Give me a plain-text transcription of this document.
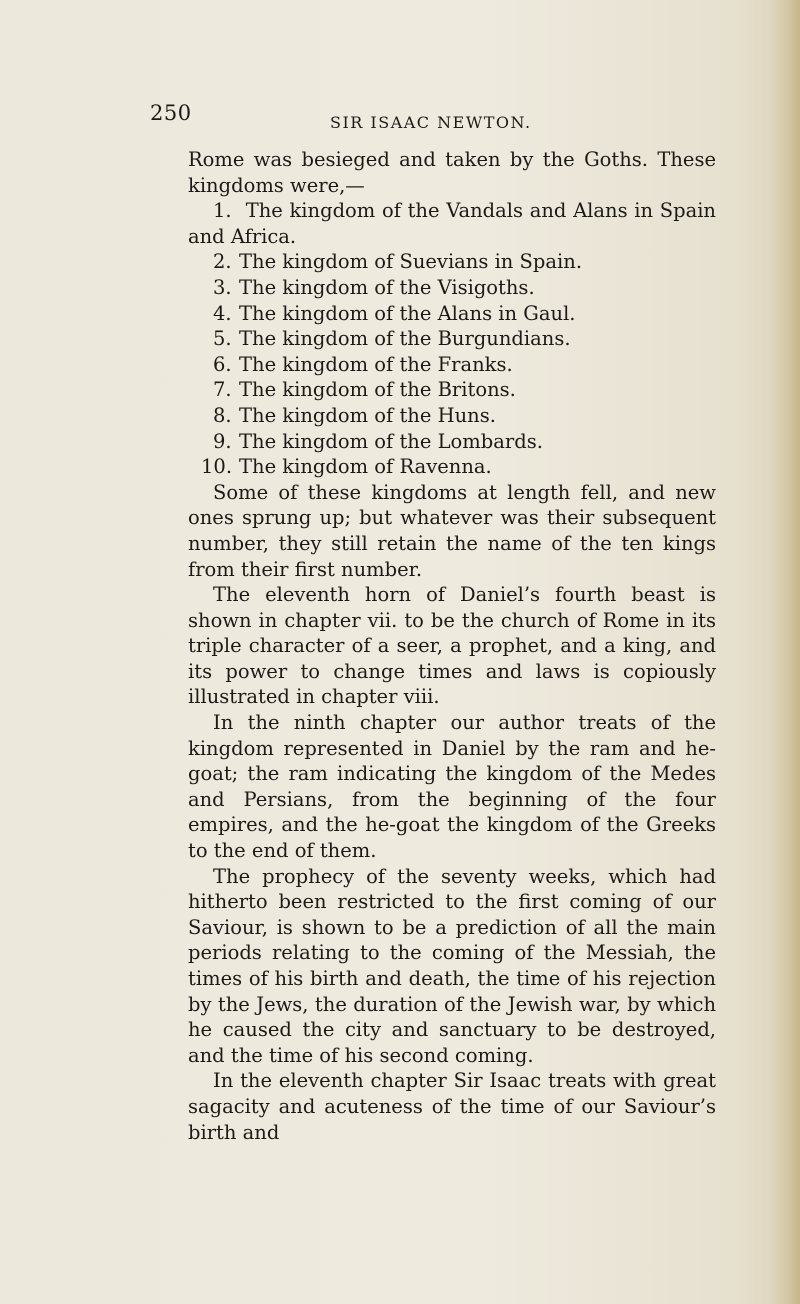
250	SIR ISAAC NEWTON.

Rome was besieged and taken by the Goths. These kingdoms were,—

1. The kingdom of the Vandals and Alans in Spain and Africa.
2. The kingdom of Suevians in Spain.
3. The kingdom of the Visigoths.
4. The kingdom of the Alans in Gaul.
5. The kingdom of the Burgundians.
6. The kingdom of the Franks.
7. The kingdom of the Britons.
8. The kingdom of the Huns.
9. The kingdom of the Lombards.
10. The kingdom of Ravenna.

Some of these kingdoms at length fell, and new ones sprung up; but whatever was their subsequent number, they still retain the name of the ten kings from their first number.

The eleventh horn of Daniel’s fourth beast is shown in chapter vii. to be the church of Rome in its triple character of a seer, a prophet, and a king, and its power to change times and laws is copiously illustrated in chapter viii.

In the ninth chapter our author treats of the kingdom represented in Daniel by the ram and he-goat; the ram indicating the kingdom of the Medes and Persians, from the beginning of the four empires, and the he-goat the kingdom of the Greeks to the end of them.

The prophecy of the seventy weeks, which had hitherto been restricted to the first coming of our Saviour, is shown to be a prediction of all the main periods relating to the coming of the Messiah, the times of his birth and death, the time of his rejection by the Jews, the duration of the Jewish war, by which he caused the city and sanctuary to be destroyed, and the time of his second coming.

In the eleventh chapter Sir Isaac treats with great sagacity and acuteness of the time of our Saviour’s birth and
